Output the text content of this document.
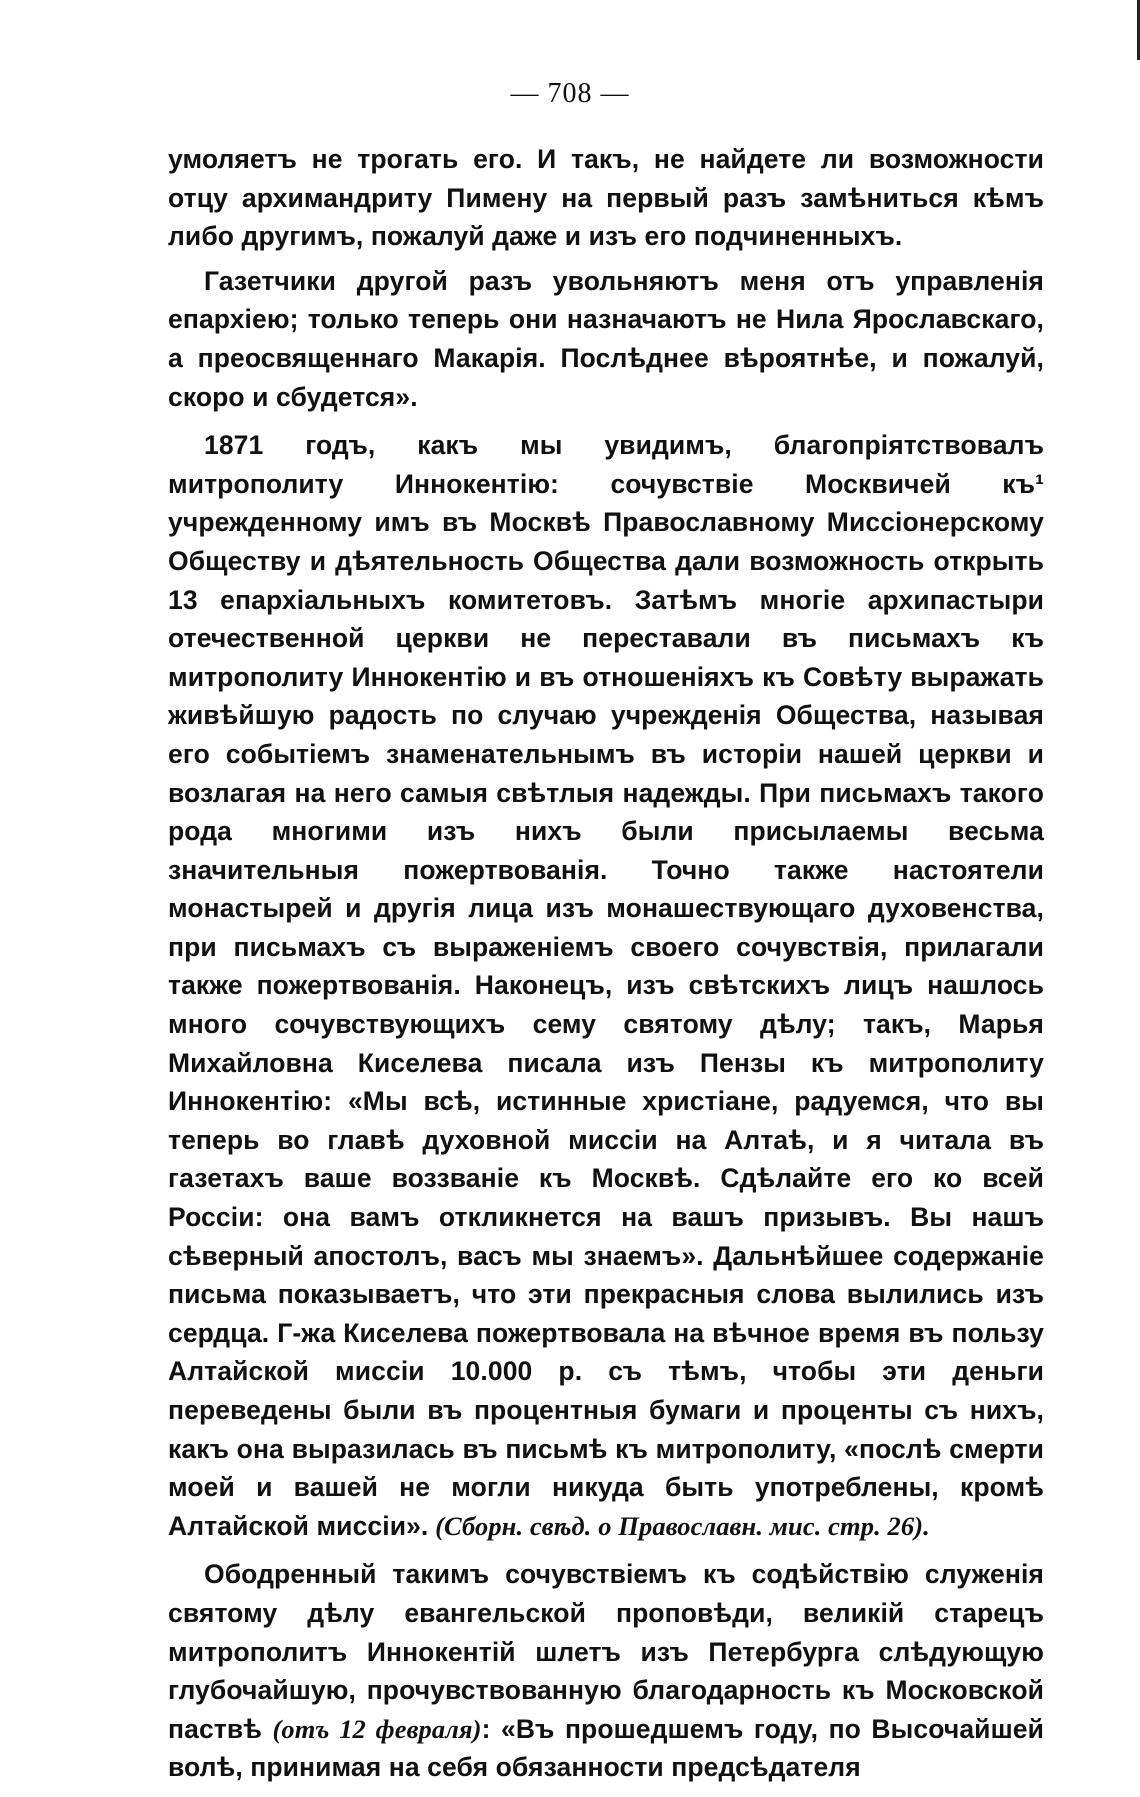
— 708 —

умоляетъ не трогать его. И такъ, не найдете ли возможности отцу архимандриту Пимену на первый разъ замѣниться кѣмъ либо другимъ, пожалуй даже и изъ его подчиненныхъ.

Газетчики другой разъ увольняютъ меня отъ управленія епархіею; только теперь они назначаютъ не Нила Ярославскаго, а преосвященнаго Макарія. Послѣднее вѣроятнѣе, и пожалуй, скоро и сбудется».

1871 годъ, какъ мы увидимъ, благопріятствовалъ митрополиту Иннокентію: сочувствіе Москвичей къ¹ учрежденному имъ въ Москвѣ Православному Миссіонерскому Обществу и дѣятельность Общества дали возможность открыть 13 епархіальныхъ комитетовъ. Затѣмъ многіе архипастыри отечественной церкви не переставали въ письмахъ къ митрополиту Иннокентію и въ отношеніяхъ къ Совѣту выражать живѣйшую радость по случаю учрежденія Общества, называя его событіемъ знаменательнымъ въ исторіи нашей церкви и возлагая на него самыя свѣтлыя надежды. При письмахъ такого рода многими изъ нихъ были присылаемы весьма значительныя пожертвованія. Точно также настоятели монастырей и другія лица изъ монашествующаго духовенства, при письмахъ съ выраженіемъ своего сочувствія, прилагали также пожертвованія. Наконецъ, изъ свѣтскихъ лицъ нашлось много сочувствующихъ сему святому дѣлу; такъ, Марья Михайловна Киселева писала изъ Пензы къ митрополиту Иннокентію: «Мы всѣ, истинные христіане, радуемся, что вы теперь во главѣ духовной миссіи на Алтаѣ, и я читала въ газетахъ ваше воззваніе къ Москвѣ. Сдѣлайте его ко всей Россіи: она вамъ откликнется на вашъ призывъ. Вы нашъ сѣверный апостолъ, васъ мы знаемъ». Дальнѣйшее содержаніе письма показываетъ, что эти прекрасныя слова вылились изъ сердца. Г-жа Киселева пожертвовала на вѣчное время въ пользу Алтайской миссіи 10.000 р. съ тѣмъ, чтобы эти деньги переведены были въ процентныя бумаги и проценты съ нихъ, какъ она выразилась въ письмѣ къ митрополиту, «послѣ смерти моей и вашей не могли никуда быть употреблены, кромѣ Алтайской миссіи». (Сборн. свѣд. о Православн. мис. стр. 26).

Ободренный такимъ сочувствіемъ къ содѣйствію служенія святому дѣлу евангельской проповѣди, великій старецъ митрополитъ Иннокентій шлетъ изъ Петербурга слѣдующую глубочайшую, прочувствованную благодарность къ Московской паствѣ (отъ 12 февраля): «Въ прошедшемъ году, по Высочайшей волѣ, принимая на себя обязанности предсѣдателя
